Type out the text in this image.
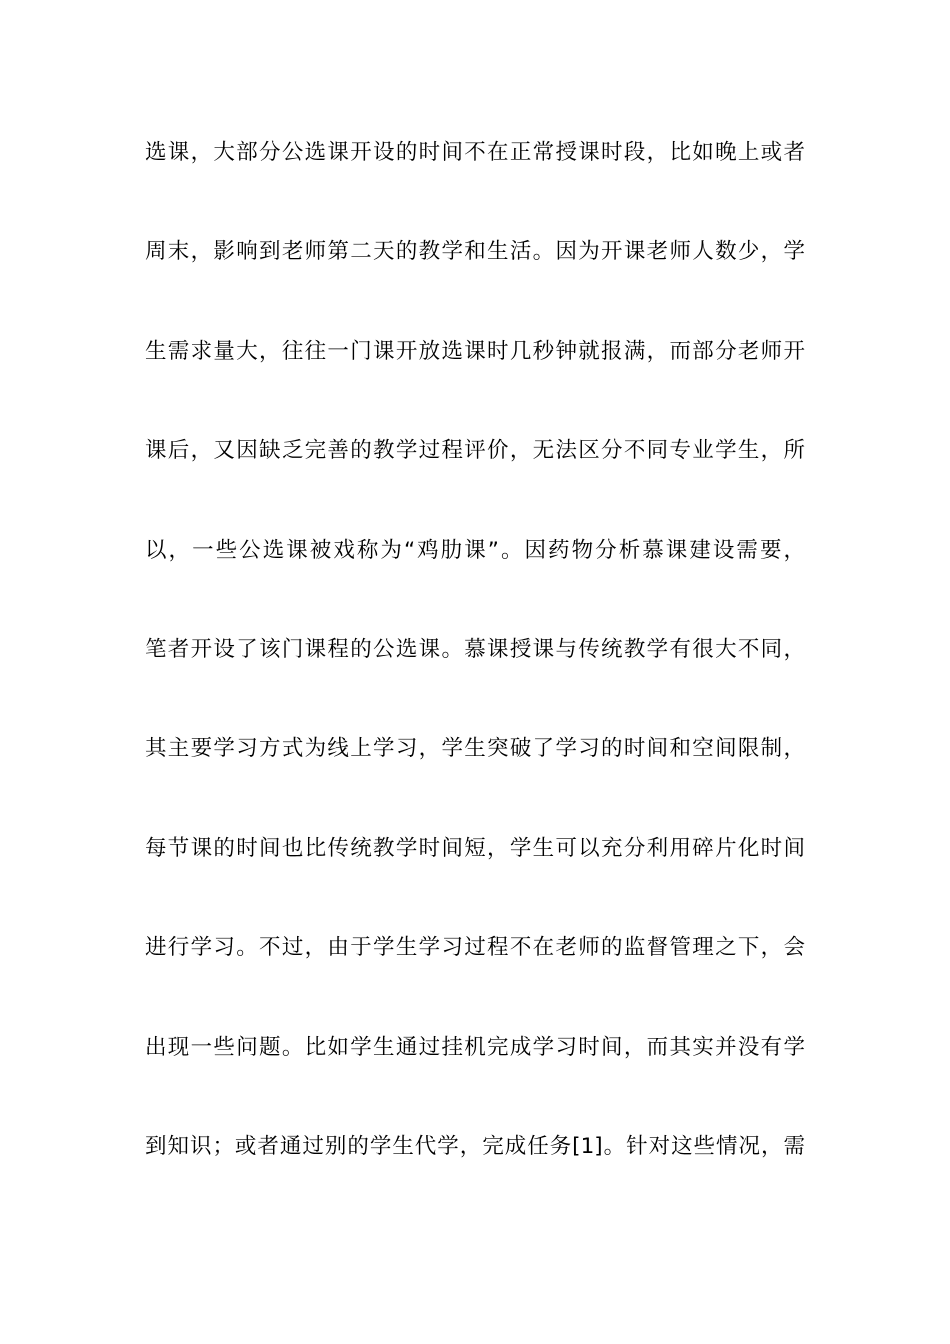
选课，大部分公选课开设的时间不在正常授课时段，比如晚上或者

周末，影响到老师第二天的教学和生活。因为开课老师人数少，学

生需求量大，往往一门课开放选课时几秒钟就报满，而部分老师开

课后，又因缺乏完善的教学过程评价，无法区分不同专业学生，所

以，一些公选课被戏称为“鸡肋课”。因药物分析慕课建设需要，

笔者开设了该门课程的公选课。慕课授课与传统教学有很大不同，

其主要学习方式为线上学习，学生突破了学习的时间和空间限制，

每节课的时间也比传统教学时间短，学生可以充分利用碎片化时间

进行学习。不过，由于学生学习过程不在老师的监督管理之下，会

出现一些问题。比如学生通过挂机完成学习时间，而其实并没有学

到知识；或者通过别的学生代学，完成任务[1]。针对这些情况，需
